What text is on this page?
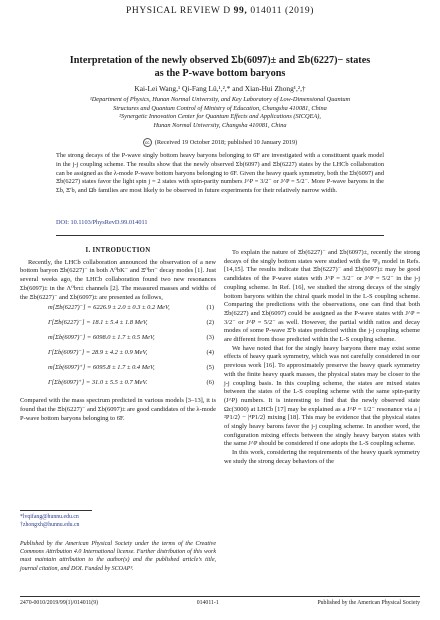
PHYSICAL REVIEW D 99, 014011 (2019)
Interpretation of the newly observed Σb(6097)± and Ξb(6227)− states
as the P-wave bottom baryons
Kai-Lei Wang,¹ Qi-Fang Lü,¹,²,* and Xian-Hui Zhong¹,²,†
¹Department of Physics, Hunan Normal University, and Key Laboratory of Low-Dimensional Quantum
Structures and Quantum Control of Ministry of Education, Changsha 410081, China
²Synergetic Innovation Center for Quantum Effects and Applications (SICQEA),
Hunan Normal University, Changsha 410081, China
cc (Received 19 October 2018; published 10 January 2019)
The strong decays of the P-wave singly bottom heavy baryons belonging to 6̄F are investigated with a constituent quark model in the j-j coupling scheme. The results show that the newly observed Σb(6097) and Ξb(6227) states by the LHCb collaboration can be assigned as the λ-mode P-wave bottom baryons belonging to 6̄F. Given the heavy quark symmetry, both the Σb(6097) and Ξb(6227) states favor the light spin j = 2 states with spin-parity numbers J^P = 3/2⁻ or J^P = 5/2⁻. More P-wave baryons in the Σb, Ξ′b, and Ωb families are most likely to be observed in future experiments for their relatively narrow width.
DOI: 10.1103/PhysRevD.99.014011
I. INTRODUCTION

Recently, the LHCb collaboration announced the observation of a new bottom baryon Ξb(6227)⁻ in both Λ⁰bK⁻ and Ξ⁰bπ⁻ decay modes [1]. Just several weeks ago, the LHCb collaboration found two new resonances Σb(6097)± in the Λ⁰bπ± channels [2]. The measured masses and widths of the Ξb(6227)⁻ and Σb(6097)± are presented as follows,

m[Ξb(6227)⁻] = 6226.9 ± 2.0 ± 0.3 ± 0.2 MeV,	(1)
Γ[Ξb(6227)⁻] = 18.1 ± 5.4 ± 1.8 MeV,	(2)
m[Σb(6097)⁻] = 6098.0 ± 1.7 ± 0.5 MeV,	(3)
Γ[Σb(6097)⁻] = 28.9 ± 4.2 ± 0.9 MeV,	(4)
m[Σb(6097)⁺] = 6095.8 ± 1.7 ± 0.4 MeV,	(5)
Γ[Σb(6097)⁺] = 31.0 ± 5.5 ± 0.7 MeV.	(6)

Compared with the mass spectrum predicted in various models [3–13], it is found that the Ξb(6227)⁻ and Σb(6097)± are good candidates of the λ-mode P-wave bottom baryons belonging to 6̄F.

*lvqifang@hunnu.edu.cn
†zhongxh@hunnu.edu.cn
Published by the American Physical Society under the terms of the Creative Commons Attribution 4.0 International license. Further distribution of this work must maintain attribution to the author(s) and the published article’s title, journal citation, and DOI. Funded by SCOAP³.

To explain the nature of Ξb(6227)⁻ and Σb(6097)±, recently the strong decays of the singly bottom states were studied with the ³P₀ model in Refs. [14,15]. The results indicate that Ξb(6227)⁻ and Σb(6097)± may be good candidates of the P-wave states with J^P = 3/2⁻ or J^P = 5/2⁻ in the j-j coupling scheme. In Ref. [16], we studied the strong decays of the singly bottom baryons within the chiral quark model in the L-S coupling scheme. Comparing the predictions with the observations, one can find that both Ξb(6227) and Σb(6097) could be assigned as the P-wave states with J^P = 3/2⁻ or J^P = 5/2⁻ as well. However, the partial width ratios and decay modes of some P-wave Ξ′b states predicted within the j-j coupling scheme are different from those predicted within the L-S coupling scheme.

We have noted that for the singly heavy baryons there may exist some effects of heavy quark symmetry, which was not carefully considered in our previous work [16]. To approximately preserve the heavy quark symmetry with the finite heavy quark masses, the physical states may be closer to the j-j coupling basis. In this coupling scheme, the states are mixed states between the states of the L-S coupling scheme with the same spin-parity (J^P) numbers. It is interesting to find that the newly observed state Ωc(3000) at LHCb [17] may be explained as a J^P = 1/2⁻ resonance via a |²P1/2⟩ − |⁴P1/2⟩ mixing [18]. This may be evidence that the physical states of singly heavy barons favor the j-j coupling scheme. In another word, the configuration mixing effects between the singly heavy baryon states with the same J^P should be considered if one adopts the L-S coupling scheme.

In this work, considering the requirements of the heavy quark symmetry we study the strong decay behaviors of the

2470-0010/2019/99(1)/014011(9)	014011-1	Published by the American Physical Society
